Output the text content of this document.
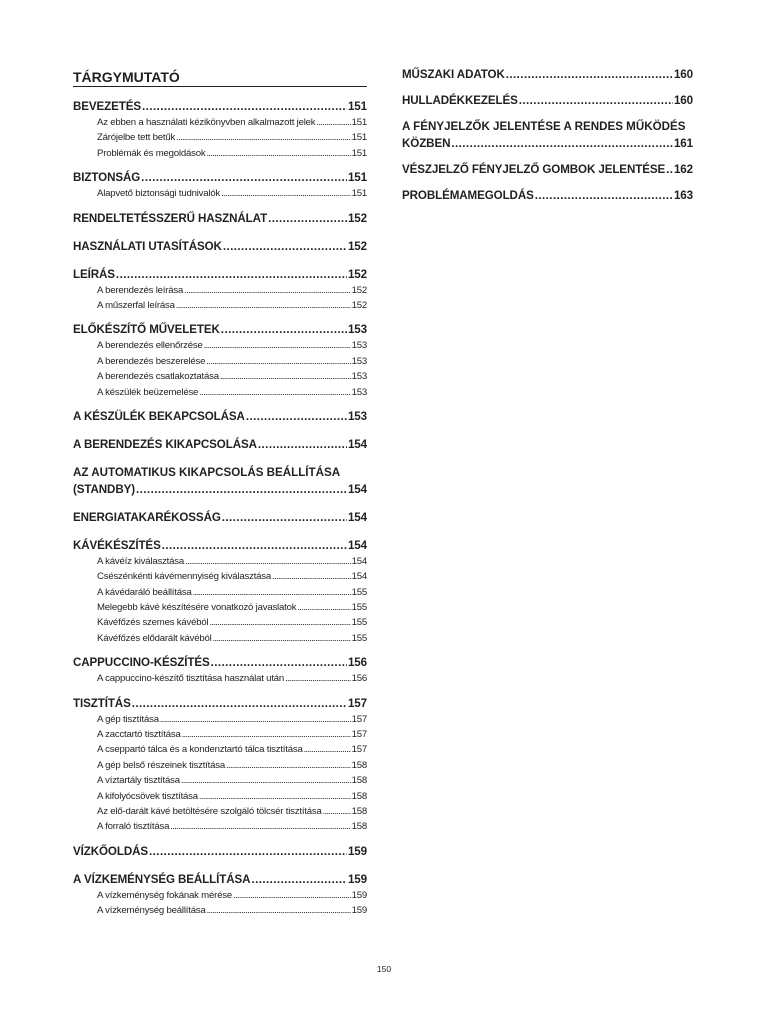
TÁRGYMUTATÓ
BEVEZETÉS . . .	151
Az ebben a használati kézikönyvben alkalmazott jelek . . .	151
Zárójelbe tett betűk . . .	151
Problémák és megoldások . . .	151
BIZTONSÁG . . .	151
Alapvető biztonsági tudnivalók . . .	151
RENDELTETÉSSZERŰ HASZNÁLAT . . .	152
HASZNÁLATI UTASÍTÁSOK . . .	152
LEÍRÁS . . .	152
A berendezés leírása . . .	152
A műszerfal leírása . . .	152
ELŐKÉSZÍTŐ MŰVELETEK . . .	153
A berendezés ellenőrzése . . .	153
A berendezés beszerelése . . .	153
A berendezés csatlakoztatása . . .	153
A készülék beüzemelése . . .	153
A KÉSZÜLÉK BEKAPCSOLÁSA . . .	153
A BERENDEZÉS KIKAPCSOLÁSA . . .	154
AZ AUTOMATIKUS KIKAPCSOLÁS BEÁLLÍTÁSA
(STANDBY) . . .	154
ENERGIATAKARÉKOSSÁG . . .	154
KÁVÉKÉSZÍTÉS . . .	154
A kávéíz kiválasztása . . .	154
Csészénkénti kávémennyiség kiválasztása . . .	154
A kávédaráló beállítása . . .	155
Melegebb kávé készítésére vonatkozó javaslatok . . .	155
Kávéfőzés szemes kávéból . . .	155
Kávéfőzés elődarált kávéból . . .	155
CAPPUCCINO-KÉSZÍTÉS . . .	156
A cappuccino-készítő tisztítása használat után . . .	156
TISZTÍTÁS . . .	157
A gép tisztítása . . .	157
A zacctartó tisztítása . . .	157
A cseppartó tálca és a kondenztartó tálca tisztítása . . .	157
A gép belső részeinek tisztítása . . .	158
A víztartály tisztítása . . .	158
A kifolyócsövek tisztítása . . .	158
Az elő-darált kávé betöltésére szolgáló tölcsér tisztítása . . .	158
A forraló tisztítása . . .	158
VÍZKŐOLDÁS . . .	159
A VÍZKEMÉNYSÉG BEÁLLÍTÁSA . . .	159
A vízkeménység fokának mérése . . .	159
A vízkeménység beállítása . . .	159
MŰSZAKI ADATOK . . .	160
HULLADÉKKEZELÉS . . .	160
A FÉNYJELZŐK JELENTÉSE A RENDES MŰKÖDÉS
KÖZBEN . . .	161
VÉSZJELZŐ FÉNYJELZŐ GOMBOK JELENTÉSE . . . 162
PROBLÉMAMEGOLDÁS . . .	163
150
